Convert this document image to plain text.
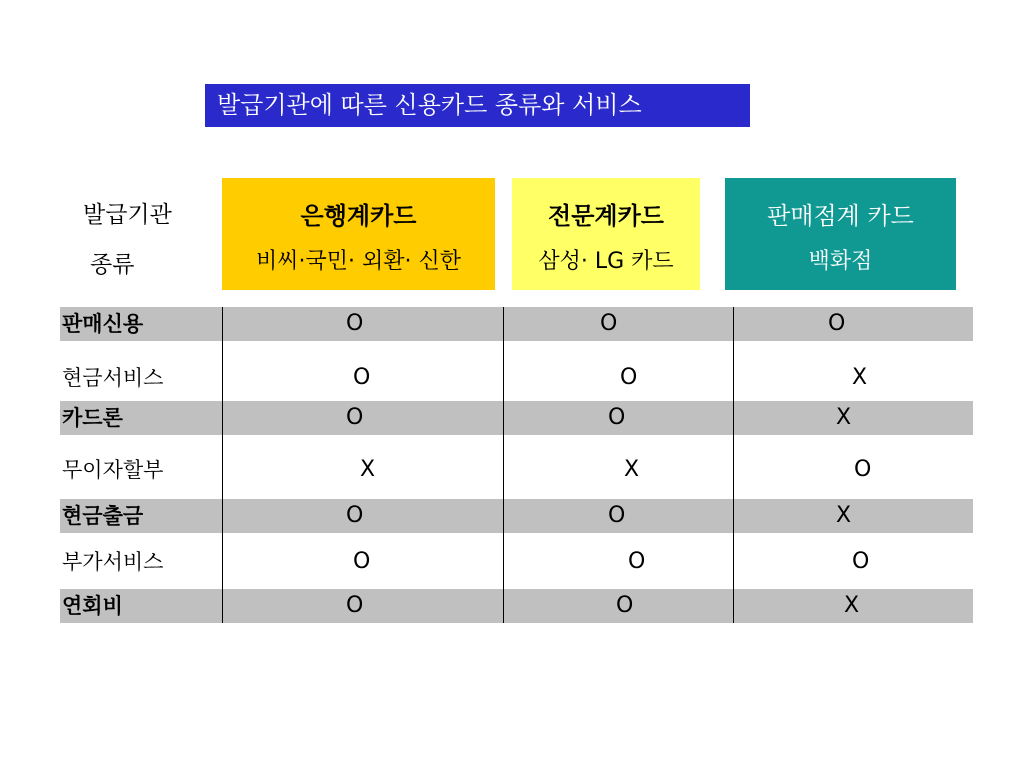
발급기관에 따른 신용카드 종류와 서비스
발급기관
종류
은행계카드
비씨·국민· 외환· 신한
전문계카드
삼성· LG 카드
판매점계 카드
백화점
판매신용	O	O	O
현금서비스	O	O	X
카드론	O	O	X
무이자할부	X	X	O
현금출금	O	O	X
부가서비스	O	O	O
연회비	O	O	X
